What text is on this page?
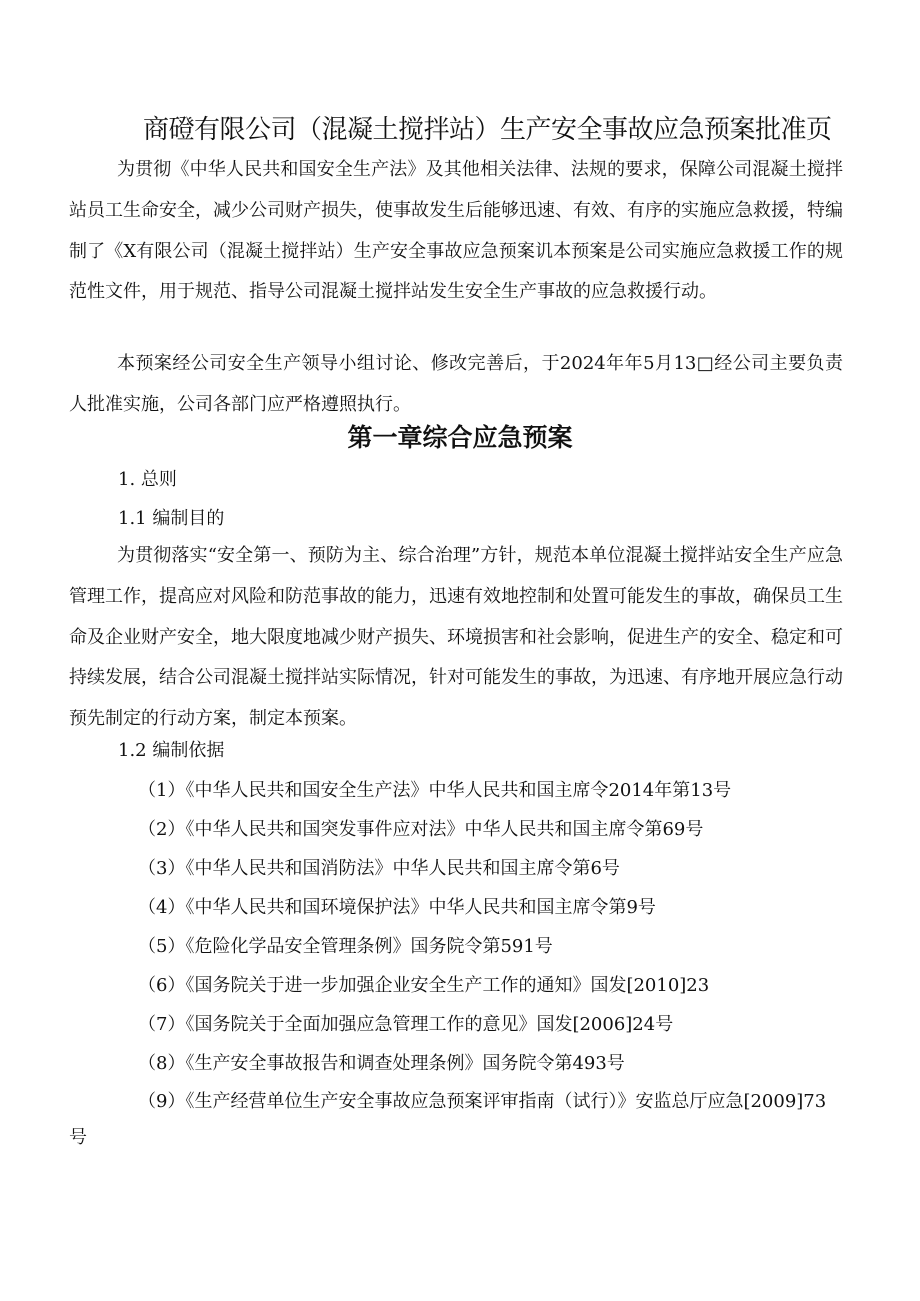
商磴有限公司（混凝土搅拌站）生产安全事故应急预案批准页

为贯彻《中华人民共和国安全生产法》及其他相关法律、法规的要求，保障公司混凝土搅拌站员工生命安全，减少公司财产损失，使事故发生后能够迅速、有效、有序的实施应急救援，特编制了《X有限公司（混凝土搅拌站）生产安全事故应急预案讥本预案是公司实施应急救援工作的规范性文件，用于规范、指导公司混凝土搅拌站发生安全生产事故的应急救援行动。

本预案经公司安全生产领导小组讨论、修改完善后，于2024年年5月13□经公司主要负责人批准实施，公司各部门应严格遵照执行。

第一章综合应急预案

1. 总则

1.1 编制目的

为贯彻落实“安全第一、预防为主、综合治理”方针，规范本单位混凝土搅拌站安全生产应急管理工作，提高应对风险和防范事故的能力，迅速有效地控制和处置可能发生的事故，确保员工生命及企业财产安全，地大限度地减少财产损失、环境损害和社会影响，促进生产的安全、稳定和可持续发展，结合公司混凝土搅拌站实际情况，针对可能发生的事故，为迅速、有序地开展应急行动预先制定的行动方案，制定本预案。

1.2 编制依据

（1）《中华人民共和国安全生产法》中华人民共和国主席令2014年第13号

（2）《中华人民共和国突发事件应对法》中华人民共和国主席令第69号

（3）《中华人民共和国消防法》中华人民共和国主席令第6号

（4）《中华人民共和国环境保护法》中华人民共和国主席令第9号

（5）《危险化学品安全管理条例》国务院令第591号

（6）《国务院关于进一步加强企业安全生产工作的通知》国发[2010]23

（7）《国务院关于全面加强应急管理工作的意见》国发[2006]24号

（8）《生产安全事故报告和调查处理条例》国务院令第493号

（9）《生产经营单位生产安全事故应急预案评审指南（试行）》安监总厅应急[2009]73号
